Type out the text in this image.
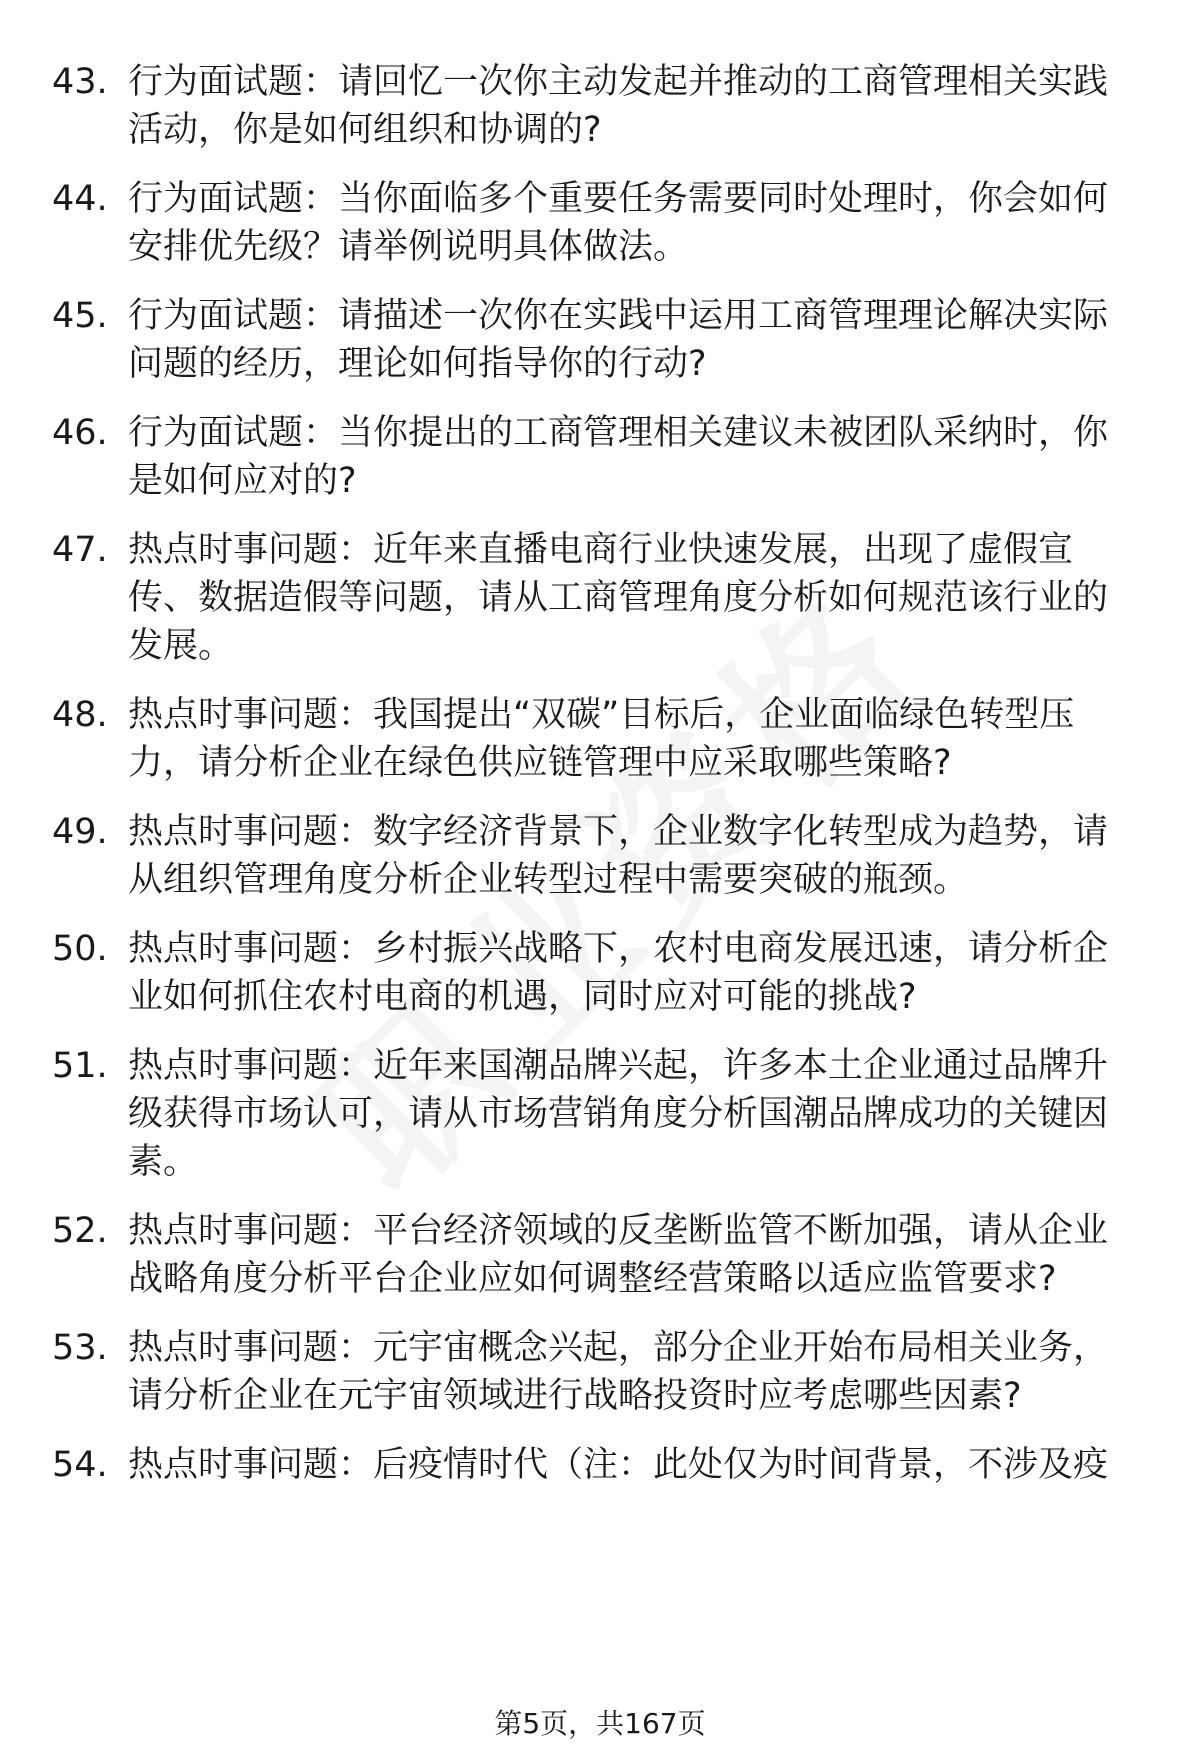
43. 行为面试题：请回忆一次你主动发起并推动的工商管理相关实践活动，你是如何组织和协调的?
44. 行为面试题：当你面临多个重要任务需要同时处理时，你会如何安排优先级？请举例说明具体做法。
45. 行为面试题：请描述一次你在实践中运用工商管理理论解决实际问题的经历，理论如何指导你的行动?
46. 行为面试题：当你提出的工商管理相关建议未被团队采纳时，你是如何应对的?
47. 热点时事问题：近年来直播电商行业快速发展，出现了虚假宣传、数据造假等问题，请从工商管理角度分析如何规范该行业的发展。
48. 热点时事问题：我国提出“双碳”目标后，企业面临绿色转型压力，请分析企业在绿色供应链管理中应采取哪些策略?
49. 热点时事问题：数字经济背景下，企业数字化转型成为趋势，请从组织管理角度分析企业转型过程中需要突破的瓶颈。
50. 热点时事问题：乡村振兴战略下，农村电商发展迅速，请分析企业如何抓住农村电商的机遇，同时应对可能的挑战?
51. 热点时事问题：近年来国潮品牌兴起，许多本土企业通过品牌升级获得市场认可，请从市场营销角度分析国潮品牌成功的关键因素。
52. 热点时事问题：平台经济领域的反垄断监管不断加强，请从企业战略角度分析平台企业应如何调整经营策略以适应监管要求?
53. 热点时事问题：元宇宙概念兴起，部分企业开始布局相关业务，请分析企业在元宇宙领域进行战略投资时应考虑哪些因素?
54. 热点时事问题：后疫情时代（注：此处仅为时间背景，不涉及疫
第5页，共167页
